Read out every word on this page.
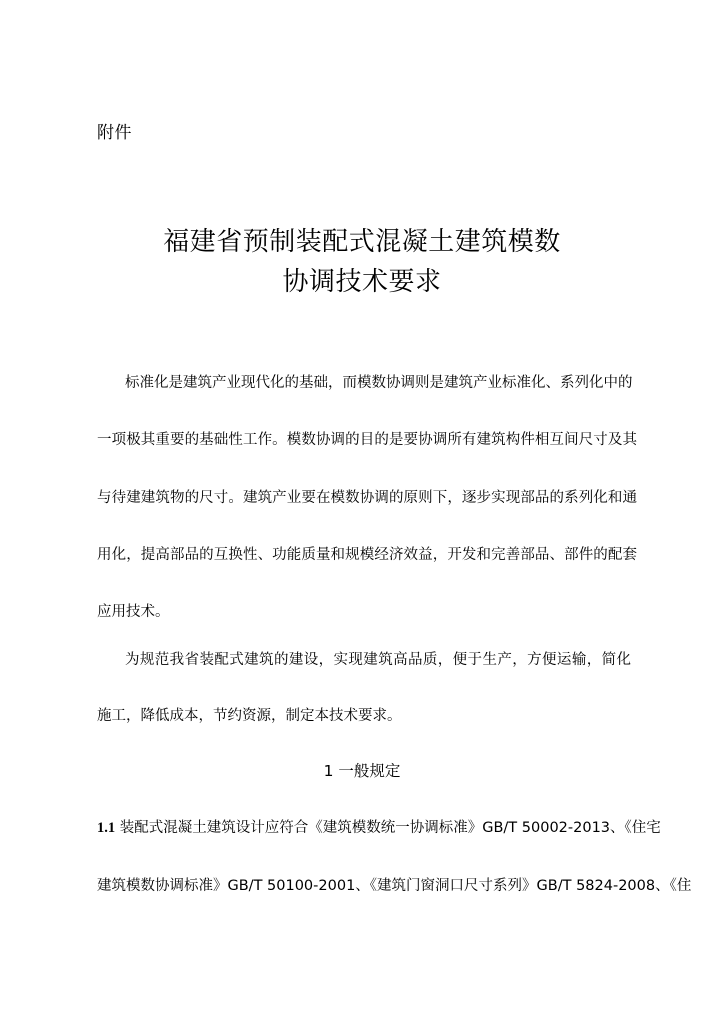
附件
福建省预制装配式混凝土建筑模数
协调技术要求
标准化是建筑产业现代化的基础，而模数协调则是建筑产业标准化、系列化中的
一项极其重要的基础性工作。模数协调的目的是要协调所有建筑构件相互间尺寸及其
与待建建筑物的尺寸。建筑产业要在模数协调的原则下，逐步实现部品的系列化和通
用化，提高部品的互换性、功能质量和规模经济效益，开发和完善部品、部件的配套
应用技术。
为规范我省装配式建筑的建设，实现建筑高品质，便于生产，方便运输，简化
施工，降低成本，节约资源，制定本技术要求。
1 一般规定
1.1 装配式混凝土建筑设计应符合《建筑模数统一协调标准》GB/T 50002-2013、《住宅
建筑模数协调标准》GB/T 50100-2001、《建筑门窗洞口尺寸系列》GB/T 5824-2008、《住
